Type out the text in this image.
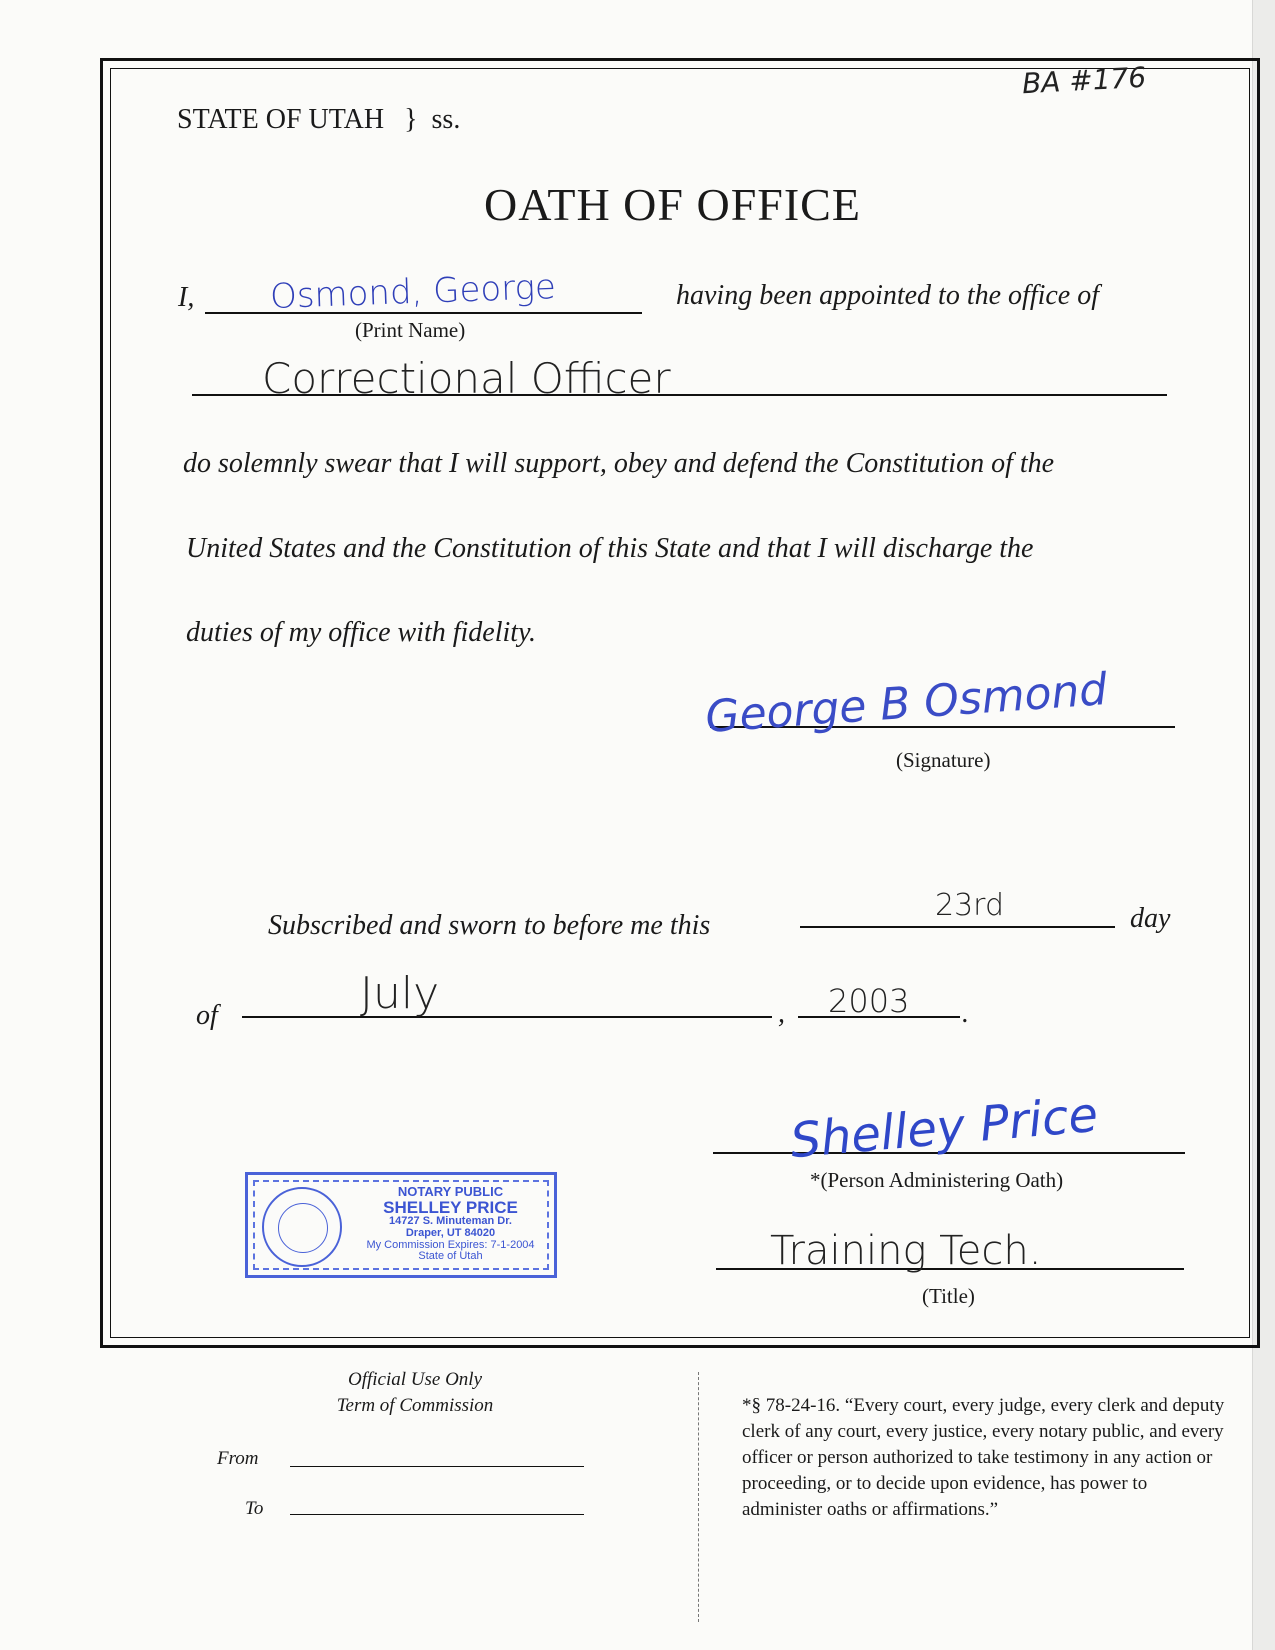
STATE OF UTAH } ss.
BA #176
OATH OF OFFICE
I, Osmond, George
(Print Name)
having been appointed to the office of
Correctional Officer
do solemnly swear that I will support, obey and defend the Constitution of the
United States and the Constitution of this State and that I will discharge the
duties of my office with fidelity.
George B Osmond
(Signature)
Subscribed and sworn to before me this
23rd	day
of	July	, 2003 .
Shelley Price
*(Person Administering Oath)
Training Tech.
(Title)
NOTARY PUBLIC
SHELLEY PRICE
14727 S. Minuteman Dr.
Draper, UT 84020
My Commission Expires: 7-1-2004
State of Utah
Official Use Only
Term of Commission
From
To
*§ 78-24-16. “Every court, every judge, every clerk and deputy clerk of any court, every justice, every notary public, and every officer or person authorized to take testimony in any action or proceeding, or to decide upon evidence, has power to administer oaths or affirmations.”
